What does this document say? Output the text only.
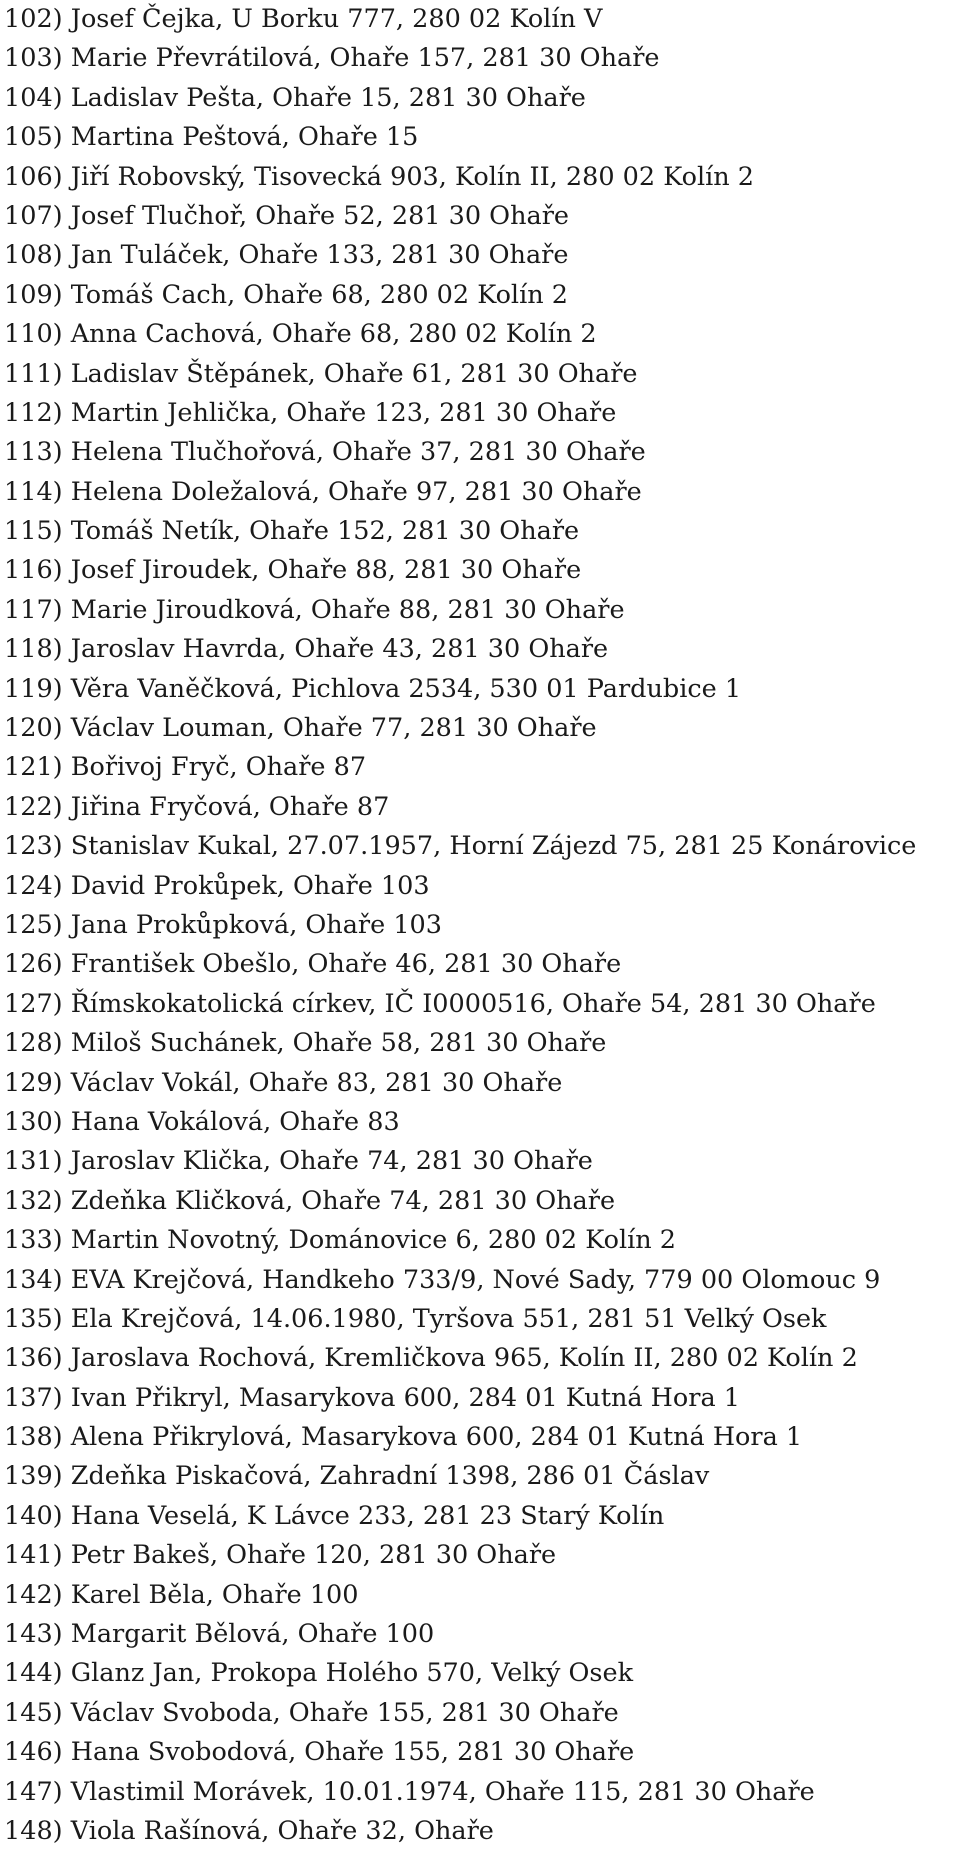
102) Josef Čejka, U Borku 777, 280 02 Kolín V
103) Marie Převrátilová, Ohaře 157, 281 30 Ohaře
104) Ladislav Pešta, Ohaře 15, 281 30 Ohaře
105) Martina Peštová, Ohaře 15
106) Jiří Robovský, Tisovecká 903, Kolín II, 280 02 Kolín 2
107) Josef Tlučhoř, Ohaře 52, 281 30 Ohaře
108) Jan Tuláček, Ohaře 133, 281 30 Ohaře
109) Tomáš Cach, Ohaře 68, 280 02 Kolín 2
110) Anna Cachová, Ohaře 68, 280 02 Kolín 2
111) Ladislav Štěpánek, Ohaře 61, 281 30 Ohaře
112) Martin Jehlička, Ohaře 123, 281 30 Ohaře
113) Helena Tlučhořová, Ohaře 37, 281 30 Ohaře
114) Helena Doležalová, Ohaře 97, 281 30 Ohaře
115) Tomáš Netík, Ohaře 152, 281 30 Ohaře
116) Josef Jiroudek, Ohaře 88, 281 30 Ohaře
117) Marie Jiroudková, Ohaře 88, 281 30 Ohaře
118) Jaroslav Havrda, Ohaře 43, 281 30 Ohaře
119) Věra Vaněčková, Pichlova 2534, 530 01 Pardubice 1
120) Václav Louman, Ohaře 77, 281 30 Ohaře
121) Bořivoj Fryč, Ohaře 87
122) Jiřina Fryčová, Ohaře 87
123) Stanislav Kukal, 27.07.1957, Horní Zájezd 75, 281 25 Konárovice
124) David Prokůpek, Ohaře 103
125) Jana Prokůpková, Ohaře 103
126) František Obešlo, Ohaře 46, 281 30 Ohaře
127) Římskokatolická církev, IČ I0000516, Ohaře 54, 281 30 Ohaře
128) Miloš Suchánek, Ohaře 58, 281 30 Ohaře
129) Václav Vokál, Ohaře 83, 281 30 Ohaře
130) Hana Vokálová, Ohaře 83
131) Jaroslav Klička, Ohaře 74, 281 30 Ohaře
132) Zdeňka Kličková, Ohaře 74, 281 30 Ohaře
133) Martin Novotný, Dománovice 6, 280 02 Kolín 2
134) EVA Krejčová, Handkeho 733/9, Nové Sady, 779 00 Olomouc 9
135) Ela Krejčová, 14.06.1980, Tyršova 551, 281 51 Velký Osek
136) Jaroslava Rochová, Kremličkova 965, Kolín II, 280 02 Kolín 2
137) Ivan Přikryl, Masarykova 600, 284 01 Kutná Hora 1
138) Alena Přikrylová, Masarykova 600, 284 01 Kutná Hora 1
139) Zdeňka Piskačová, Zahradní 1398, 286 01 Čáslav
140) Hana Veselá, K Lávce 233, 281 23 Starý Kolín
141) Petr Bakeš, Ohaře 120, 281 30 Ohaře
142) Karel Běla, Ohaře 100
143) Margarit Bělová, Ohaře 100
144) Glanz Jan, Prokopa Holého 570, Velký Osek
145) Václav Svoboda, Ohaře 155, 281 30 Ohaře
146) Hana Svobodová, Ohaře 155, 281 30 Ohaře
147) Vlastimil Morávek, 10.01.1974, Ohaře 115, 281 30 Ohaře
148) Viola Rašínová, Ohaře 32, Ohaře
